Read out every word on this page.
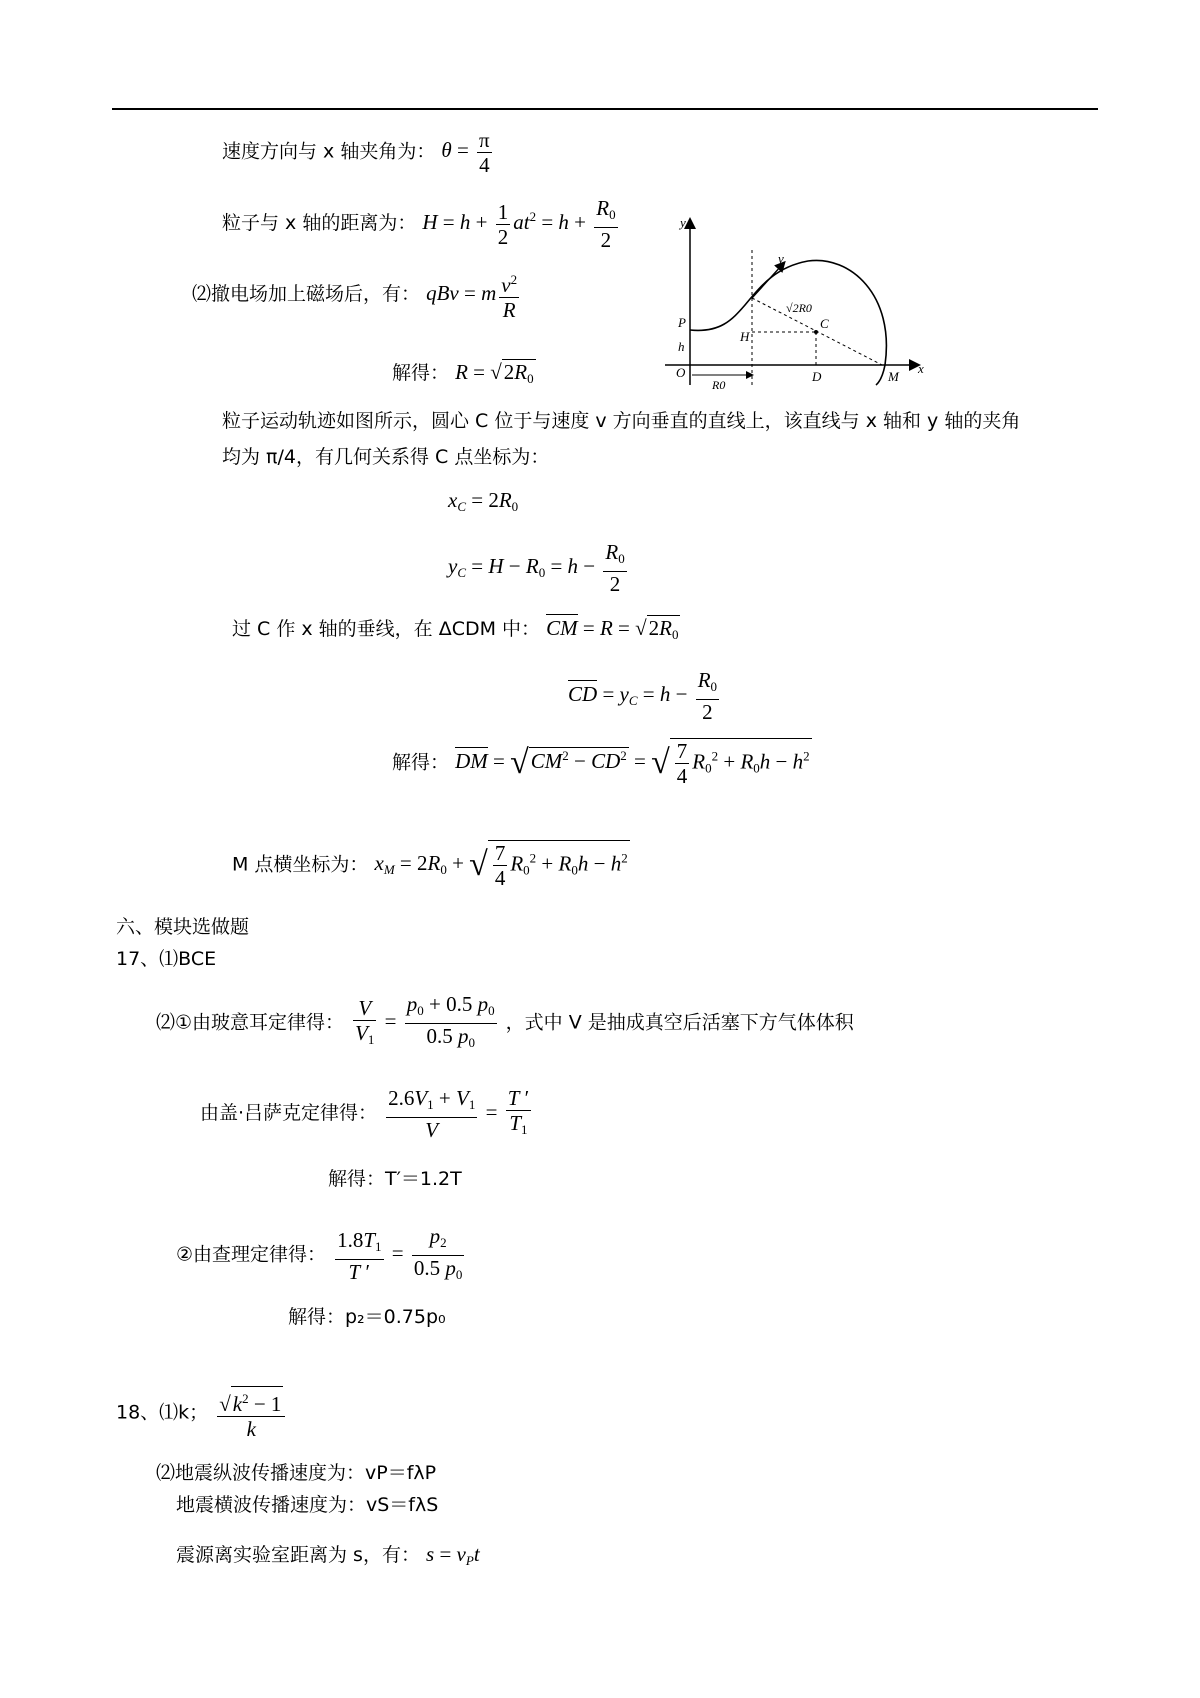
速度方向与 x 轴夹角为： $\theta = \frac{\pi}{4}$
粒子与 x 轴的距离为： $H = h + \frac{1}{2} at^2 = h + \frac{R_0}{2}$
⑵撤电场加上磁场后，有： qBv = m $\frac{v^2}{R}$
解得： $R = √2R_0$
y
x
P
h
O
R0
H
C
D	M
v
√2R0
粒子运动轨迹如图所示，圆心 C 位于与速度 v 方向垂直的直线上，该直线与 x 轴和 y 轴的夹角
均为 π/4，有几何关系得 C 点坐标为：
$x_C = 2R_0$
$y_C = H - R_0 = h - \frac{R_0}{2}$
过 C 作 x 轴的垂线，在 ΔCDM 中： CM = $R = √2R_0$
CD = $y_C = h - \frac{R_0}{2}$
解得： DM = $√CM^2 - CD^2$ = √ $\frac{7}{4} R_0^2 + R_0h - h^2$
M 点横坐标为： $x_M = 2R_0$ + √ $\frac{7}{4} R_0^2 + R_0h - h^2$
六、模块选做题
17、⑴BCE
⑵①由玻意耳定律得： $\frac{V}{V_1} = \frac{p_0 + 0.5 p_0}{0.5 p_0}$ ，式中 V 是抽成真空后活塞下方气体体积
由盖·吕萨克定律得： $\frac{2.6V_1 + V_1}{V} = \frac{T '}{T_1}$
解得：T′＝1.2T
②由查理定律得： $\frac{1.8T_1}{T '} = \frac{p_2}{0.5 p_0}$
解得：p₂＝0.75p₀
18、⑴k； $\frac{√k^2 - 1}{k}$
⑵地震纵波传播速度为：vP＝fλP
地震横波传播速度为：vS＝fλS
震源离实验室距离为 s，有： $s = v_Pt$
